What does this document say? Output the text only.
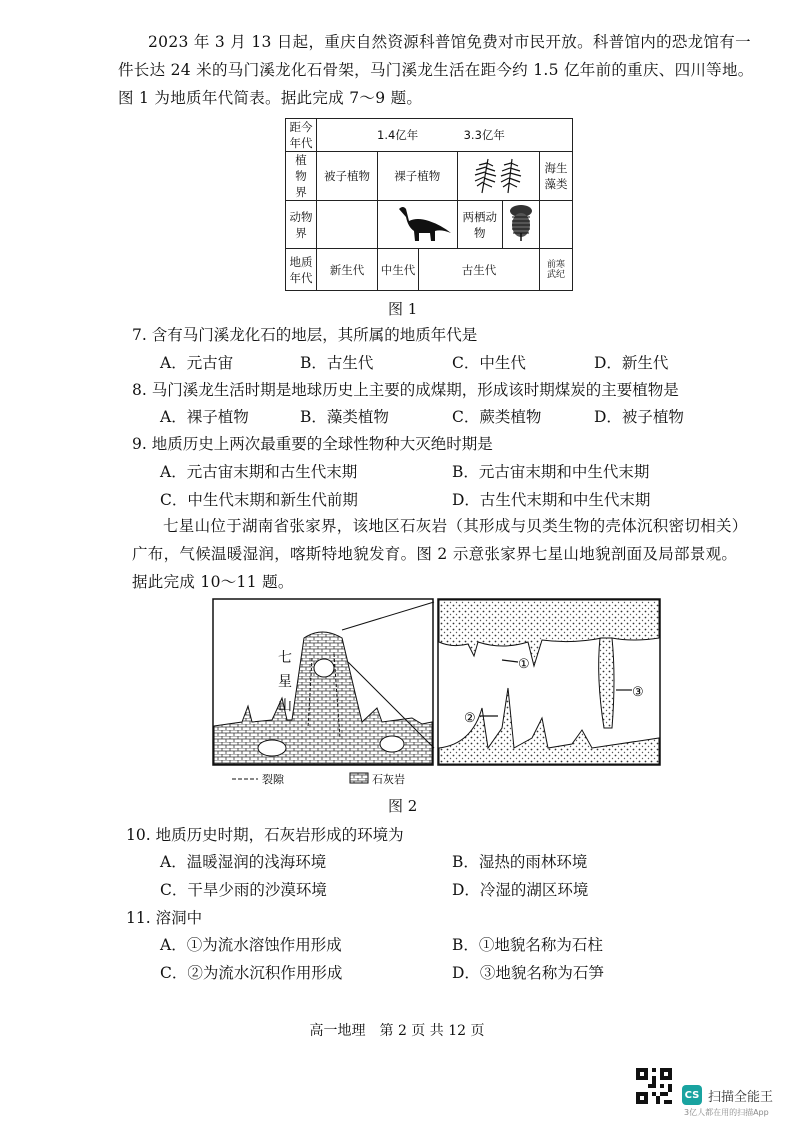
2023 年 3 月 13 日起，重庆自然资源科普馆免费对市民开放。科普馆内的恐龙馆有一
件长达 24 米的马门溪龙化石骨架，马门溪龙生活在距今约 1.5 亿年前的重庆、四川等地。
图 1 为地质年代简表。据此完成 7～9 题。
距今年代	1.4亿年 3.3亿年					
植物界	被子植物	裸子植物				海生藻类
动物界				两栖动物		
地质年代	新生代	中生代	古生代			前寒武纪
图 1
7. 含有马门溪龙化石的地层，其所属的地质年代是
A．元古宙	B．古生代	C．中生代	D．新生代
8. 马门溪龙生活时期是地球历史上主要的成煤期，形成该时期煤炭的主要植物是
A．裸子植物	B．藻类植物	C．蕨类植物	D．被子植物
9. 地质历史上两次最重要的全球性物种大灭绝时期是
A．元古宙末期和古生代末期	B．元古宙末期和中生代末期
C．中生代末期和新生代前期	D．古生代末期和中生代末期
七星山位于湖南省张家界，该地区石灰岩（其形成与贝类生物的壳体沉积密切相关）
广布，气候温暖湿润，喀斯特地貌发育。图 2 示意张家界七星山地貌剖面及局部景观。
据此完成 10～11 题。
七
星
山
①
②
③
裂隙	石灰岩
图 2
10. 地质历史时期，石灰岩形成的环境为
A．温暖湿润的浅海环境	B．湿热的雨林环境
C．干旱少雨的沙漠环境	D．冷湿的湖区环境
11. 溶洞中
A．①为流水溶蚀作用形成	B．①地貌名称为石柱
C．②为流水沉积作用形成	D．③地貌名称为石笋
高一地理　第 2 页 共 12 页
CS 扫描全能王
3亿人都在用的扫描App
